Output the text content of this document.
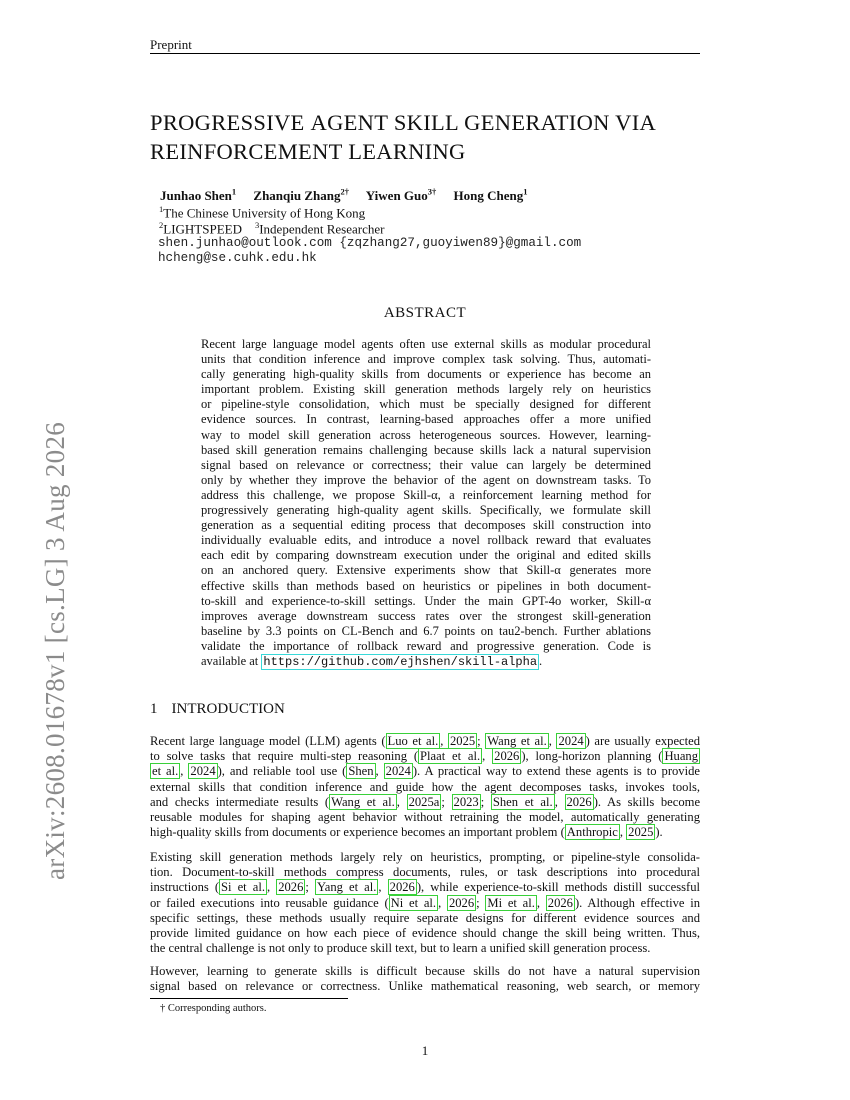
Preprint
arXiv:2608.01678v1 [cs.LG] 3 Aug 2026
PROGRESSIVE AGENT SKILL GENERATION VIA
REINFORCEMENT LEARNING
Junhao Shen$^1$ Zhanqiu Zhang$^{2\dagger}$ Yiwen Guo$^{3\dagger}$ Hong Cheng$^1$
$^1$The Chinese University of Hong Kong
$^2$LIGHTSPEED $^3$Independent Researcher
shen.junhao@outlook.com {zqzhang27,guoyiwen89}@gmail.com
hcheng@se.cuhk.edu.hk
ABSTRACT
Recent large language model agents often use external skills as modular procedural
units that condition inference and improve complex task solving. Thus, automati-
cally generating high-quality skills from documents or experience has become an
important problem. Existing skill generation methods largely rely on heuristics
or pipeline-style consolidation, which must be specially designed for different
evidence sources. In contrast, learning-based approaches offer a more unified
way to model skill generation across heterogeneous sources. However, learning-
based skill generation remains challenging because skills lack a natural supervision
signal based on relevance or correctness; their value can largely be determined
only by whether they improve the behavior of the agent on downstream tasks. To
address this challenge, we propose Skill-α, a reinforcement learning method for
progressively generating high-quality agent skills. Specifically, we formulate skill
generation as a sequential editing process that decomposes skill construction into
individually evaluable edits, and introduce a novel rollback reward that evaluates
each edit by comparing downstream execution under the original and edited skills
on an anchored query. Extensive experiments show that Skill-α generates more
effective skills than methods based on heuristics or pipelines in both document-
to-skill and experience-to-skill settings. Under the main GPT-4o worker, Skill-α
improves average downstream success rates over the strongest skill-generation
baseline by 3.3 points on CL-Bench and 6.7 points on tau2-bench. Further ablations
validate the importance of rollback reward and progressive generation. Code is
available at https://github.com/ejhshen/skill-alpha .
1 INTRODUCTION
Recent large language model (LLM) agents ( Luo et al. , 2025 ; Wang et al. , 2024 ) are usually expected
to solve tasks that require multi-step reasoning ( Plaat et al. , 2026 ), long-horizon planning ( Huang
et al. , 2024 ), and reliable tool use ( Shen , 2024 ). A practical way to extend these agents is to provide
external skills that condition inference and guide how the agent decomposes tasks, invokes tools,
and checks intermediate results ( Wang et al. , 2025a ; 2023 ; Shen et al. , 2026 ). As skills become
reusable modules for shaping agent behavior without retraining the model, automatically generating
high-quality skills from documents or experience becomes an important problem ( Anthropic , 2025 ).
Existing skill generation methods largely rely on heuristics, prompting, or pipeline-style consolida-
tion. Document-to-skill methods compress documents, rules, or task descriptions into procedural
instructions ( Si et al. , 2026 ; Yang et al. , 2026 ), while experience-to-skill methods distill successful
or failed executions into reusable guidance ( Ni et al. , 2026 ; Mi et al. , 2026 ). Although effective in
specific settings, these methods usually require separate designs for different evidence sources and
provide limited guidance on how each piece of evidence should change the skill being written. Thus,
the central challenge is not only to produce skill text, but to learn a unified skill generation process.
However, learning to generate skills is difficult because skills do not have a natural supervision
signal based on relevance or correctness. Unlike mathematical reasoning, web search, or memory
† Corresponding authors.
1
